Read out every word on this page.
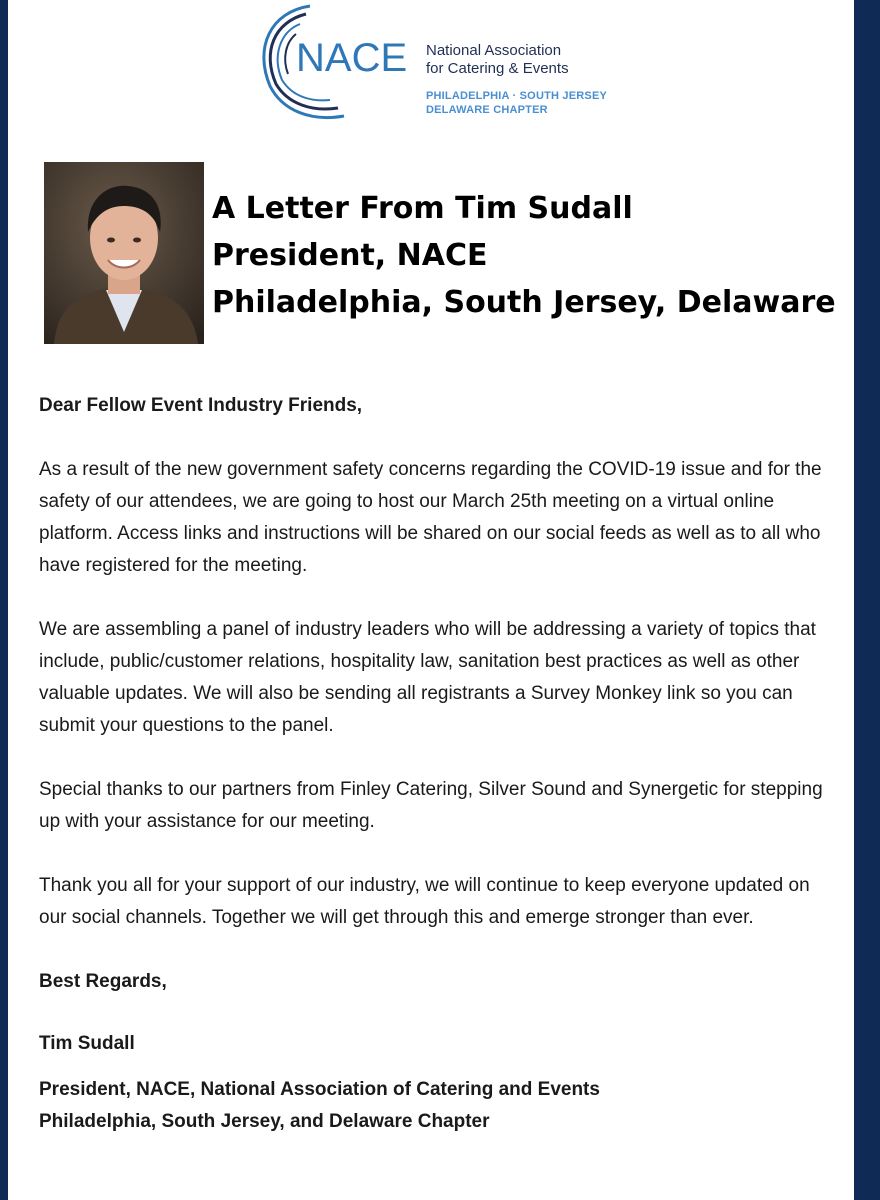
NACE National Association
for Catering & Events
PHILADELPHIA · SOUTH JERSEY
DELAWARE CHAPTER
A Letter From Tim Sudall
President, NACE
Philadelphia, South Jersey, Delaware

Dear Fellow Event Industry Friends,

As a result of the new government safety concerns regarding the COVID-19 issue and for the safety of our attendees, we are going to host our March 25th meeting on a virtual online platform. Access links and instructions will be shared on our social feeds as well as to all who have registered for the meeting.

We are assembling a panel of industry leaders who will be addressing a variety of topics that include, public/customer relations, hospitality law, sanitation best practices as well as other valuable updates. We will also be sending all registrants a Survey Monkey link so you can submit your questions to the panel.

Special thanks to our partners from Finley Catering, Silver Sound and Synergetic for stepping up with your assistance for our meeting.

Thank you all for your support of our industry, we will continue to keep everyone updated on our social channels. Together we will get through this and emerge stronger than ever.

Best Regards,

Tim Sudall

President, NACE, National Association of Catering and Events

Philadelphia, South Jersey, and Delaware Chapter
